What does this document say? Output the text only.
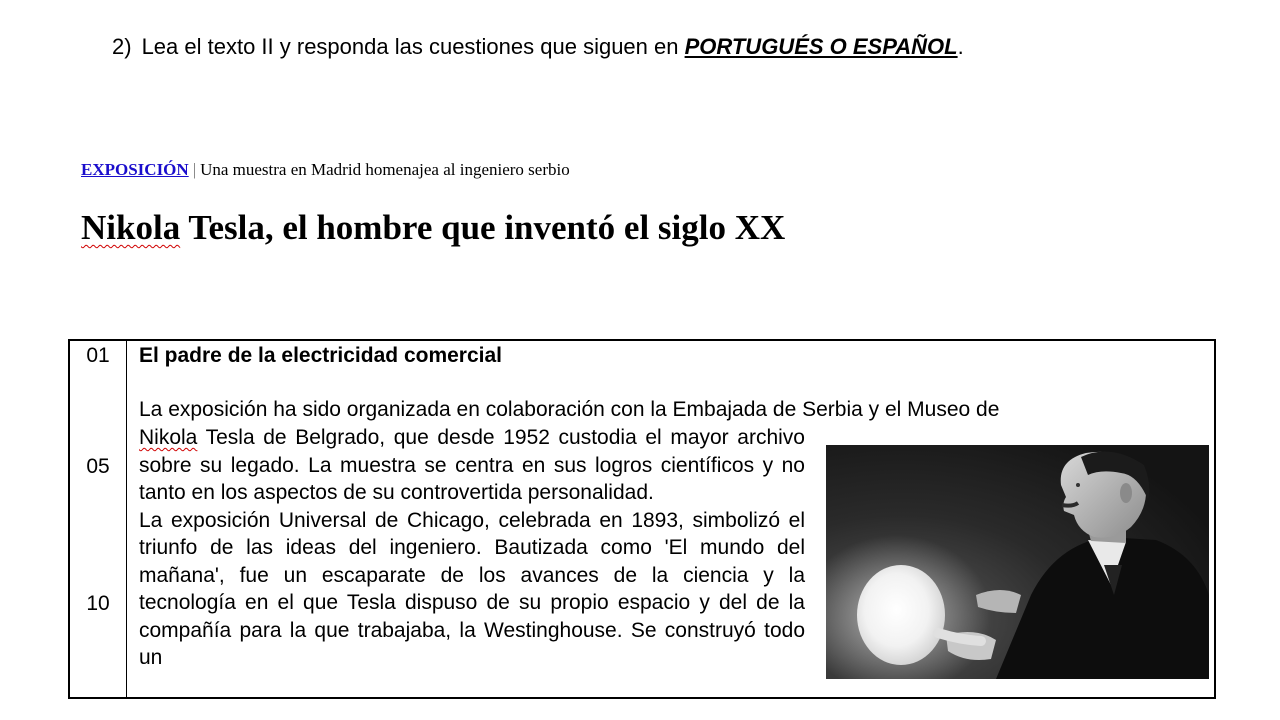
2) Lea el texto II y responda las cuestiones que siguen en PORTUGUÉS O ESPAÑOL.
EXPOSICIÓN | Una muestra en Madrid homenajea al ingeniero serbio
Nikola Tesla, el hombre que inventó el siglo XX
01
05
10
El padre de la electricidad comercial
La exposición ha sido organizada en colaboración con la Embajada de Serbia y el Museo de

Nikola Tesla de Belgrado, que desde 1952 custodia el mayor archivo sobre su legado. La muestra se centra en sus logros científicos y no tanto en los aspectos de su controvertida personalidad.

La exposición Universal de Chicago, celebrada en 1893, simbolizó el triunfo de las ideas del ingeniero. Bautizada como 'El mundo del mañana', fue un escaparate de los avances de la ciencia y la tecnología en el que Tesla dispuso de su propio espacio y del de la compañía para la que trabajaba, la Westinghouse. Se construyó todo un
